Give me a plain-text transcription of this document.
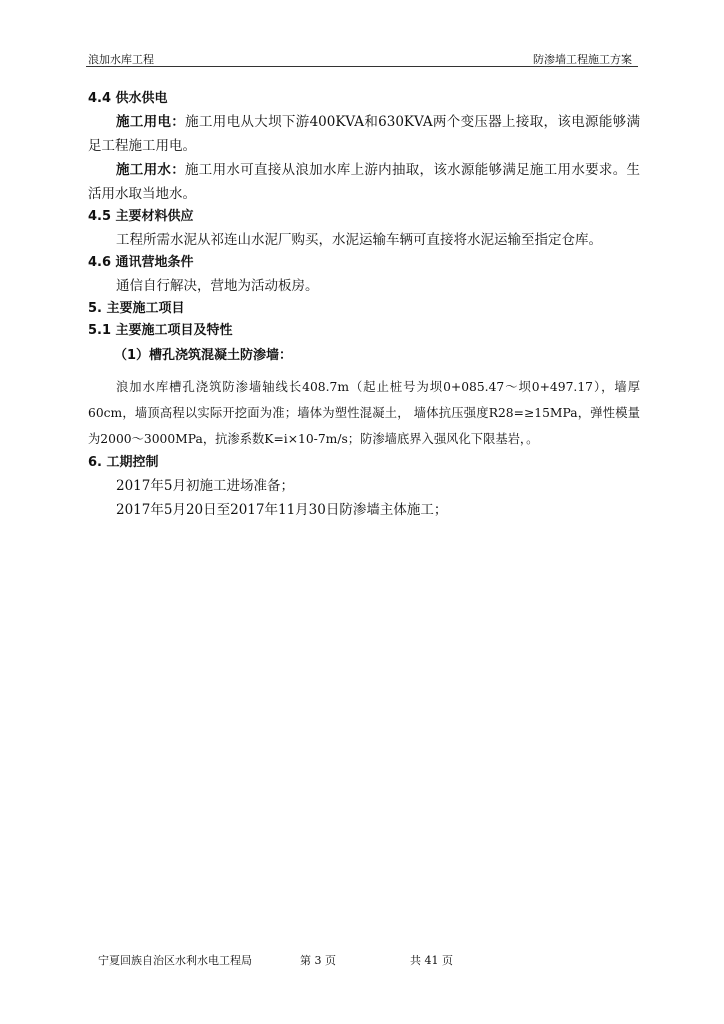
浪加水库工程	防渗墙工程施工方案
4.4 供水供电

施工用电：施工用电从大坝下游400KVA和630KVA两个变压器上接取，该电源能够满足工程施工用电。

施工用水：施工用水可直接从浪加水库上游内抽取，该水源能够满足施工用水要求。生活用水取当地水。

4.5 主要材料供应

工程所需水泥从祁连山水泥厂购买，水泥运输车辆可直接将水泥运输至指定仓库。

4.6 通讯营地条件

通信自行解决，营地为活动板房。

5. 主要施工项目
5.1 主要施工项目及特性
（1）槽孔浇筑混凝土防渗墙：

浪加水库槽孔浇筑防渗墙轴线长408.7m（起止桩号为坝0+085.47～坝0+497.17），墙厚60cm，墙顶高程以实际开挖面为准；墙体为塑性混凝土， 墙体抗压强度R28=≥15MPa，弹性模量为2000～3000MPa，抗渗系数K=i×10-7m/s；防渗墙底界入强风化下限基岩，。

6. 工期控制

2017年5月初施工进场准备；

2017年5月20日至2017年11月30日防渗墙主体施工；

宁夏回族自治区水利水电工程局	第 3 页	共 41 页
